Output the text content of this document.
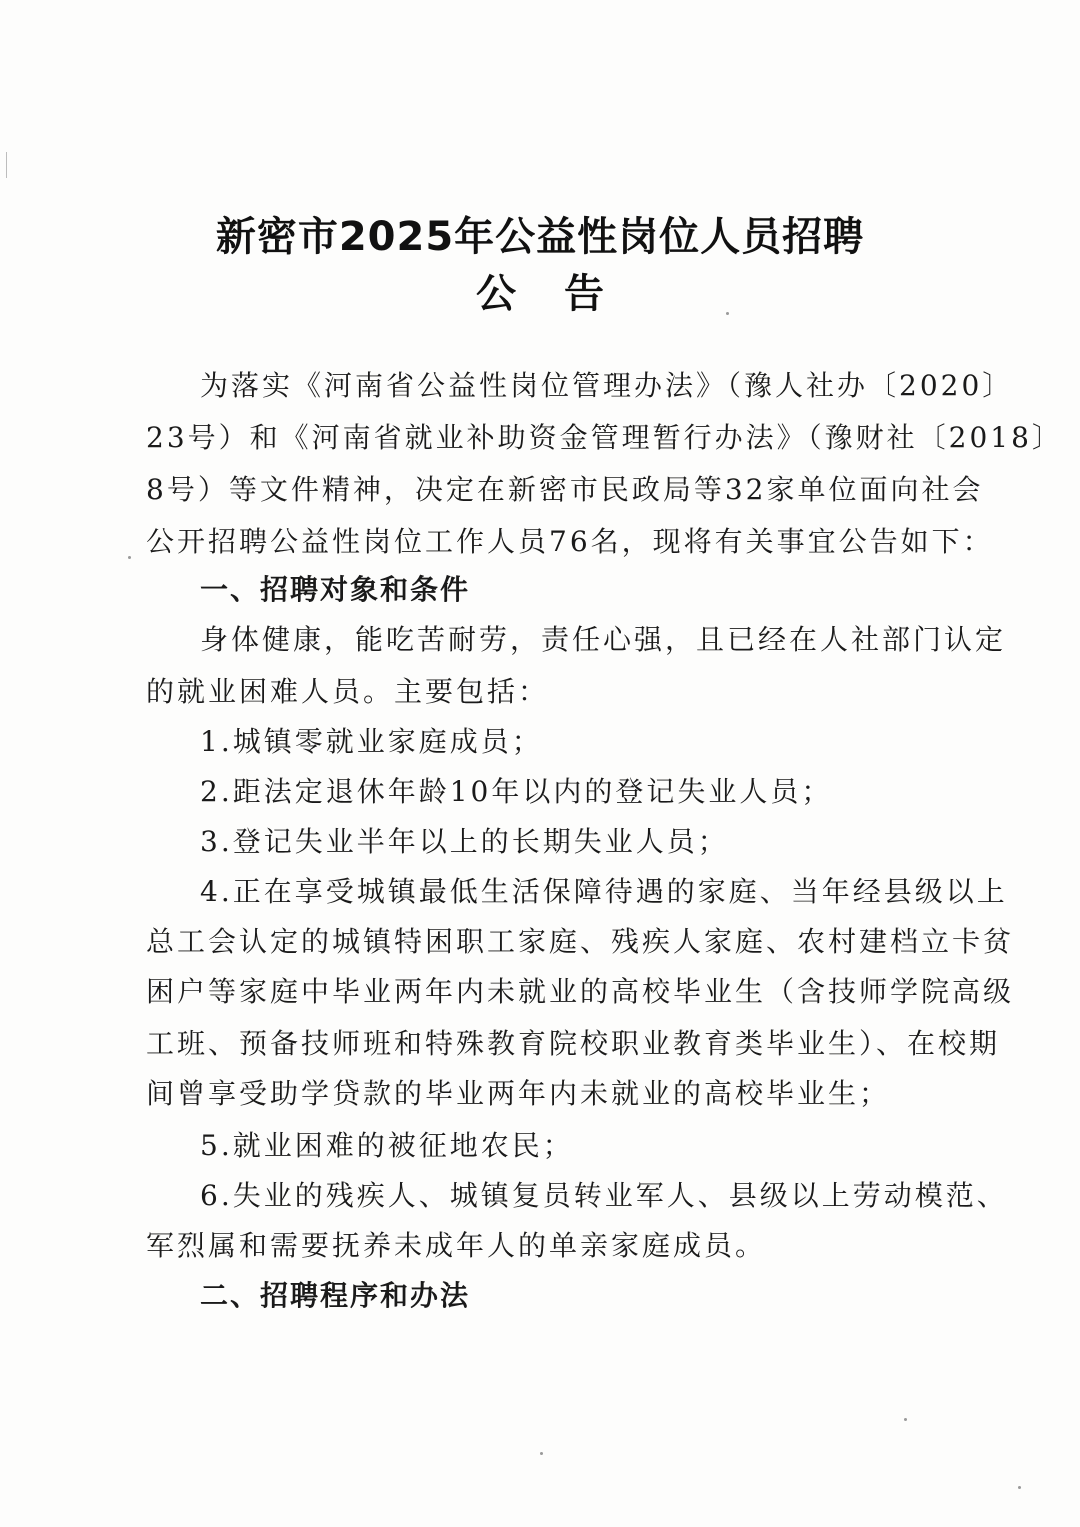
新密市2025年公益性岗位人员招聘
公告
为落实《河南省公益性岗位管理办法》（豫人社办〔2020〕
23号）和《河南省就业补助资金管理暂行办法》（豫财社〔2018〕
8号）等文件精神，决定在新密市民政局等32家单位面向社会
公开招聘公益性岗位工作人员76名，现将有关事宜公告如下：
一、招聘对象和条件
身体健康，能吃苦耐劳，责任心强，且已经在人社部门认定
的就业困难人员。主要包括：
1.城镇零就业家庭成员；
2.距法定退休年龄10年以内的登记失业人员；
3.登记失业半年以上的长期失业人员；
4.正在享受城镇最低生活保障待遇的家庭、当年经县级以上
总工会认定的城镇特困职工家庭、残疾人家庭、农村建档立卡贫
困户等家庭中毕业两年内未就业的高校毕业生（含技师学院高级
工班、预备技师班和特殊教育院校职业教育类毕业生）、在校期
间曾享受助学贷款的毕业两年内未就业的高校毕业生；
5.就业困难的被征地农民；
6.失业的残疾人、城镇复员转业军人、县级以上劳动模范、
军烈属和需要抚养未成年人的单亲家庭成员。
二、招聘程序和办法
